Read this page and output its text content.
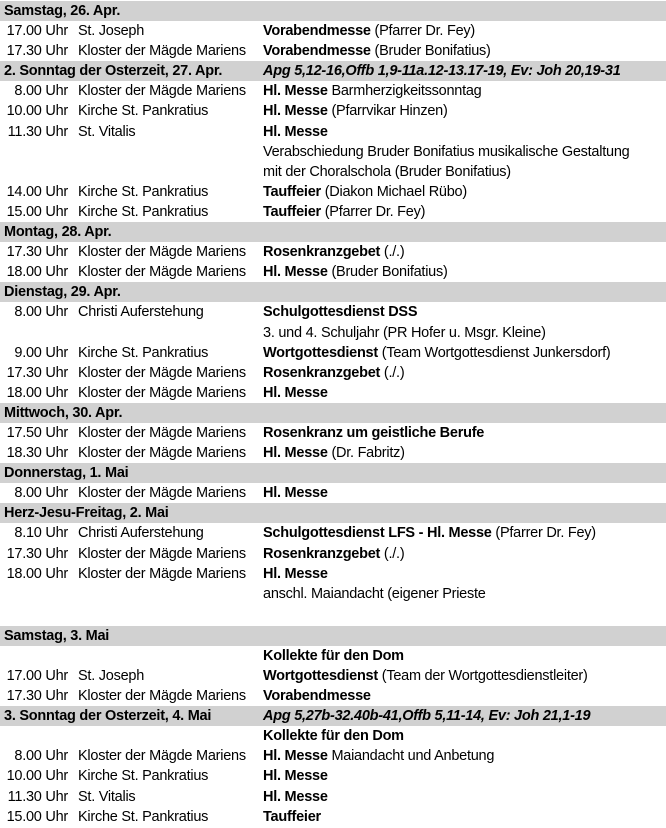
Samstag, 26. Apr.
17.00 Uhr St. Joseph	Vorabendmesse (Pfarrer Dr. Fey)
17.30 Uhr Kloster der Mägde Mariens	Vorabendmesse (Bruder Bonifatius)
2. Sonntag der Osterzeit, 27. Apr.	Apg 5,12-16,Offb 1,9-11a.12-13.17-19, Ev: Joh 20,19-31
8.00 Uhr Kloster der Mägde Mariens	Hl. Messe Barmherzigkeitssonntag
10.00 Uhr Kirche St. Pankratius	Hl. Messe (Pfarrvikar Hinzen)
11.30 Uhr St. Vitalis	Hl. Messe
Verabschiedung Bruder Bonifatius musikalische Gestaltung
mit der Choralschola (Bruder Bonifatius)
14.00 Uhr Kirche St. Pankratius	Tauffeier (Diakon Michael Rübo)
15.00 Uhr Kirche St. Pankratius	Tauffeier (Pfarrer Dr. Fey)
Montag, 28. Apr.
17.30 Uhr Kloster der Mägde Mariens	Rosenkranzgebet (./.)
18.00 Uhr Kloster der Mägde Mariens	Hl. Messe (Bruder Bonifatius)
Dienstag, 29. Apr.
8.00 Uhr Christi Auferstehung	Schulgottesdienst DSS
3. und 4. Schuljahr (PR Hofer u. Msgr. Kleine)
9.00 Uhr Kirche St. Pankratius	Wortgottesdienst (Team Wortgottesdienst Junkersdorf)
17.30 Uhr Kloster der Mägde Mariens	Rosenkranzgebet (./.)
18.00 Uhr Kloster der Mägde Mariens	Hl. Messe
Mittwoch, 30. Apr.
17.50 Uhr Kloster der Mägde Mariens	Rosenkranz um geistliche Berufe
18.30 Uhr Kloster der Mägde Mariens	Hl. Messe (Dr. Fabritz)
Donnerstag, 1. Mai
8.00 Uhr Kloster der Mägde Mariens	Hl. Messe
Herz-Jesu-Freitag, 2. Mai
8.10 Uhr Christi Auferstehung	Schulgottesdienst LFS - Hl. Messe (Pfarrer Dr. Fey)
17.30 Uhr Kloster der Mägde Mariens	Rosenkranzgebet (./.)
18.00 Uhr Kloster der Mägde Mariens	Hl. Messe
anschl. Maiandacht (eigener Prieste
Samstag, 3. Mai
Kollekte für den Dom
17.00 Uhr St. Joseph	Wortgottesdienst (Team der Wortgottesdienstleiter)
17.30 Uhr Kloster der Mägde Mariens	Vorabendmesse
3. Sonntag der Osterzeit, 4. Mai	Apg 5,27b-32.40b-41,Offb 5,11-14, Ev: Joh 21,1-19
Kollekte für den Dom
8.00 Uhr Kloster der Mägde Mariens	Hl. Messe Maiandacht und Anbetung
10.00 Uhr Kirche St. Pankratius	Hl. Messe
11.30 Uhr St. Vitalis	Hl. Messe
15.00 Uhr Kirche St. Pankratius	Tauffeier
